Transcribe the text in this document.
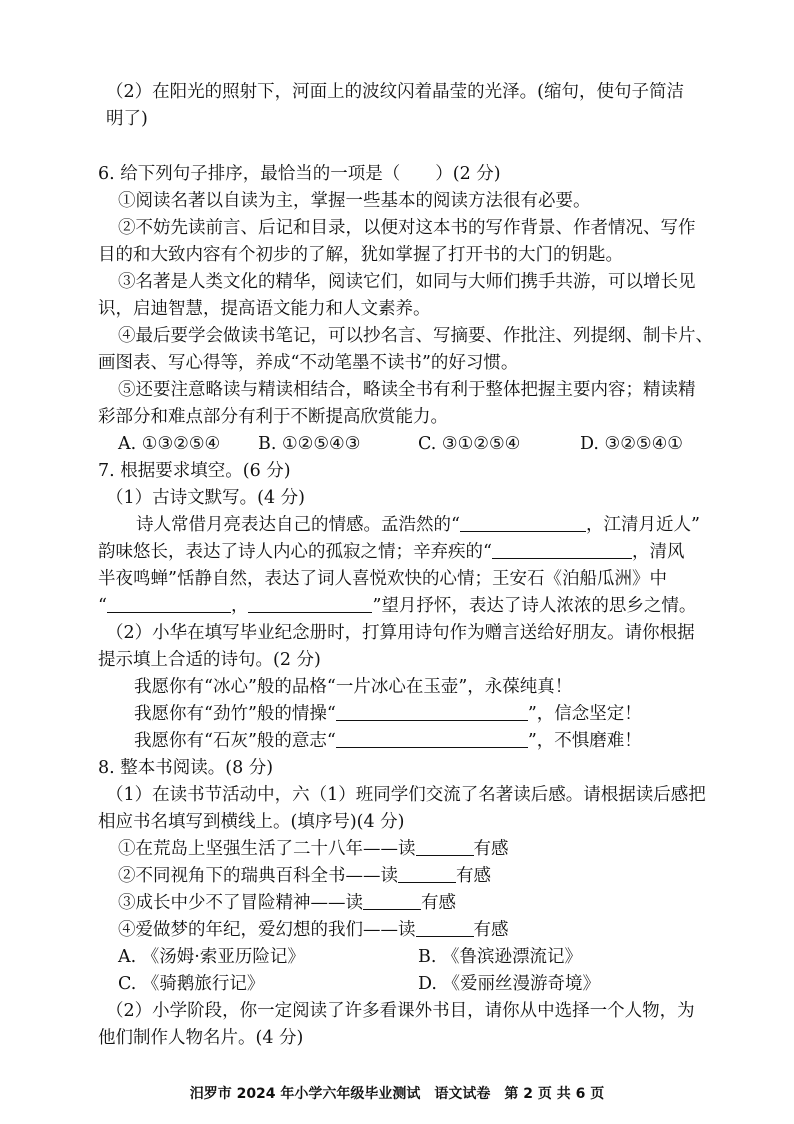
（2）在阳光的照射下，河面上的波纹闪着晶莹的光泽。(缩句，使句子简洁
明了)
6. 给下列句子排序，最恰当的一项是（　　）(2 分)
①阅读名著以自读为主，掌握一些基本的阅读方法很有必要。
②不妨先读前言、后记和目录，以便对这本书的写作背景、作者情况、写作
目的和大致内容有个初步的了解，犹如掌握了打开书的大门的钥匙。
③名著是人类文化的精华，阅读它们，如同与大师们携手共游，可以增长见
识，启迪智慧，提高语文能力和人文素养。
④最后要学会做读书笔记，可以抄名言、写摘要、作批注、列提纲、制卡片、
画图表、写心得等，养成“不动笔墨不读书”的好习惯。
⑤还要注意略读与精读相结合，略读全书有利于整体把握主要内容；精读精
彩部分和难点部分有利于不断提高欣赏能力。
A. ①③②⑤④ B. ①②⑤④③	C. ③①②⑤④	D. ③②⑤④①
7. 根据要求填空。(6 分)
（1）古诗文默写。(4 分)
诗人常借月亮表达自己的情感。孟浩然的“	，江清月近人”
韵味悠长，表达了诗人内心的孤寂之情；辛弃疾的“	，清风
半夜鸣蝉”恬静自然，表达了词人喜悦欢快的心情；王安石《泊船瓜洲》中
“	，	”望月抒怀，表达了诗人浓浓的思乡之情。
（2）小华在填写毕业纪念册时，打算用诗句作为赠言送给好朋友。请你根据
提示填上合适的诗句。(2 分)
我愿你有“冰心”般的品格“一片冰心在玉壶”，永葆纯真！
我愿你有“劲竹”般的情操“	”，信念坚定！
我愿你有“石灰”般的意志“	”，不惧磨难！
8. 整本书阅读。(8 分)
（1）在读书节活动中，六（1）班同学们交流了名著读后感。请根据读后感把
相应书名填写到横线上。(填序号)(4 分)
①在荒岛上坚强生活了二十八年——读	有感
②不同视角下的瑞典百科全书——读	有感
③成长中少不了冒险精神——读	有感
④爱做梦的年纪，爱幻想的我们——读	有感
A. 《汤姆·索亚历险记》	B. 《鲁滨逊漂流记》
C. 《骑鹅旅行记》	D. 《爱丽丝漫游奇境》
（2）小学阶段，你一定阅读了许多看课外书目，请你从中选择一个人物，为
他们制作人物名片。(4 分)
汨罗市 2024 年小学六年级毕业测试　语文试卷　第 2 页 共 6 页
